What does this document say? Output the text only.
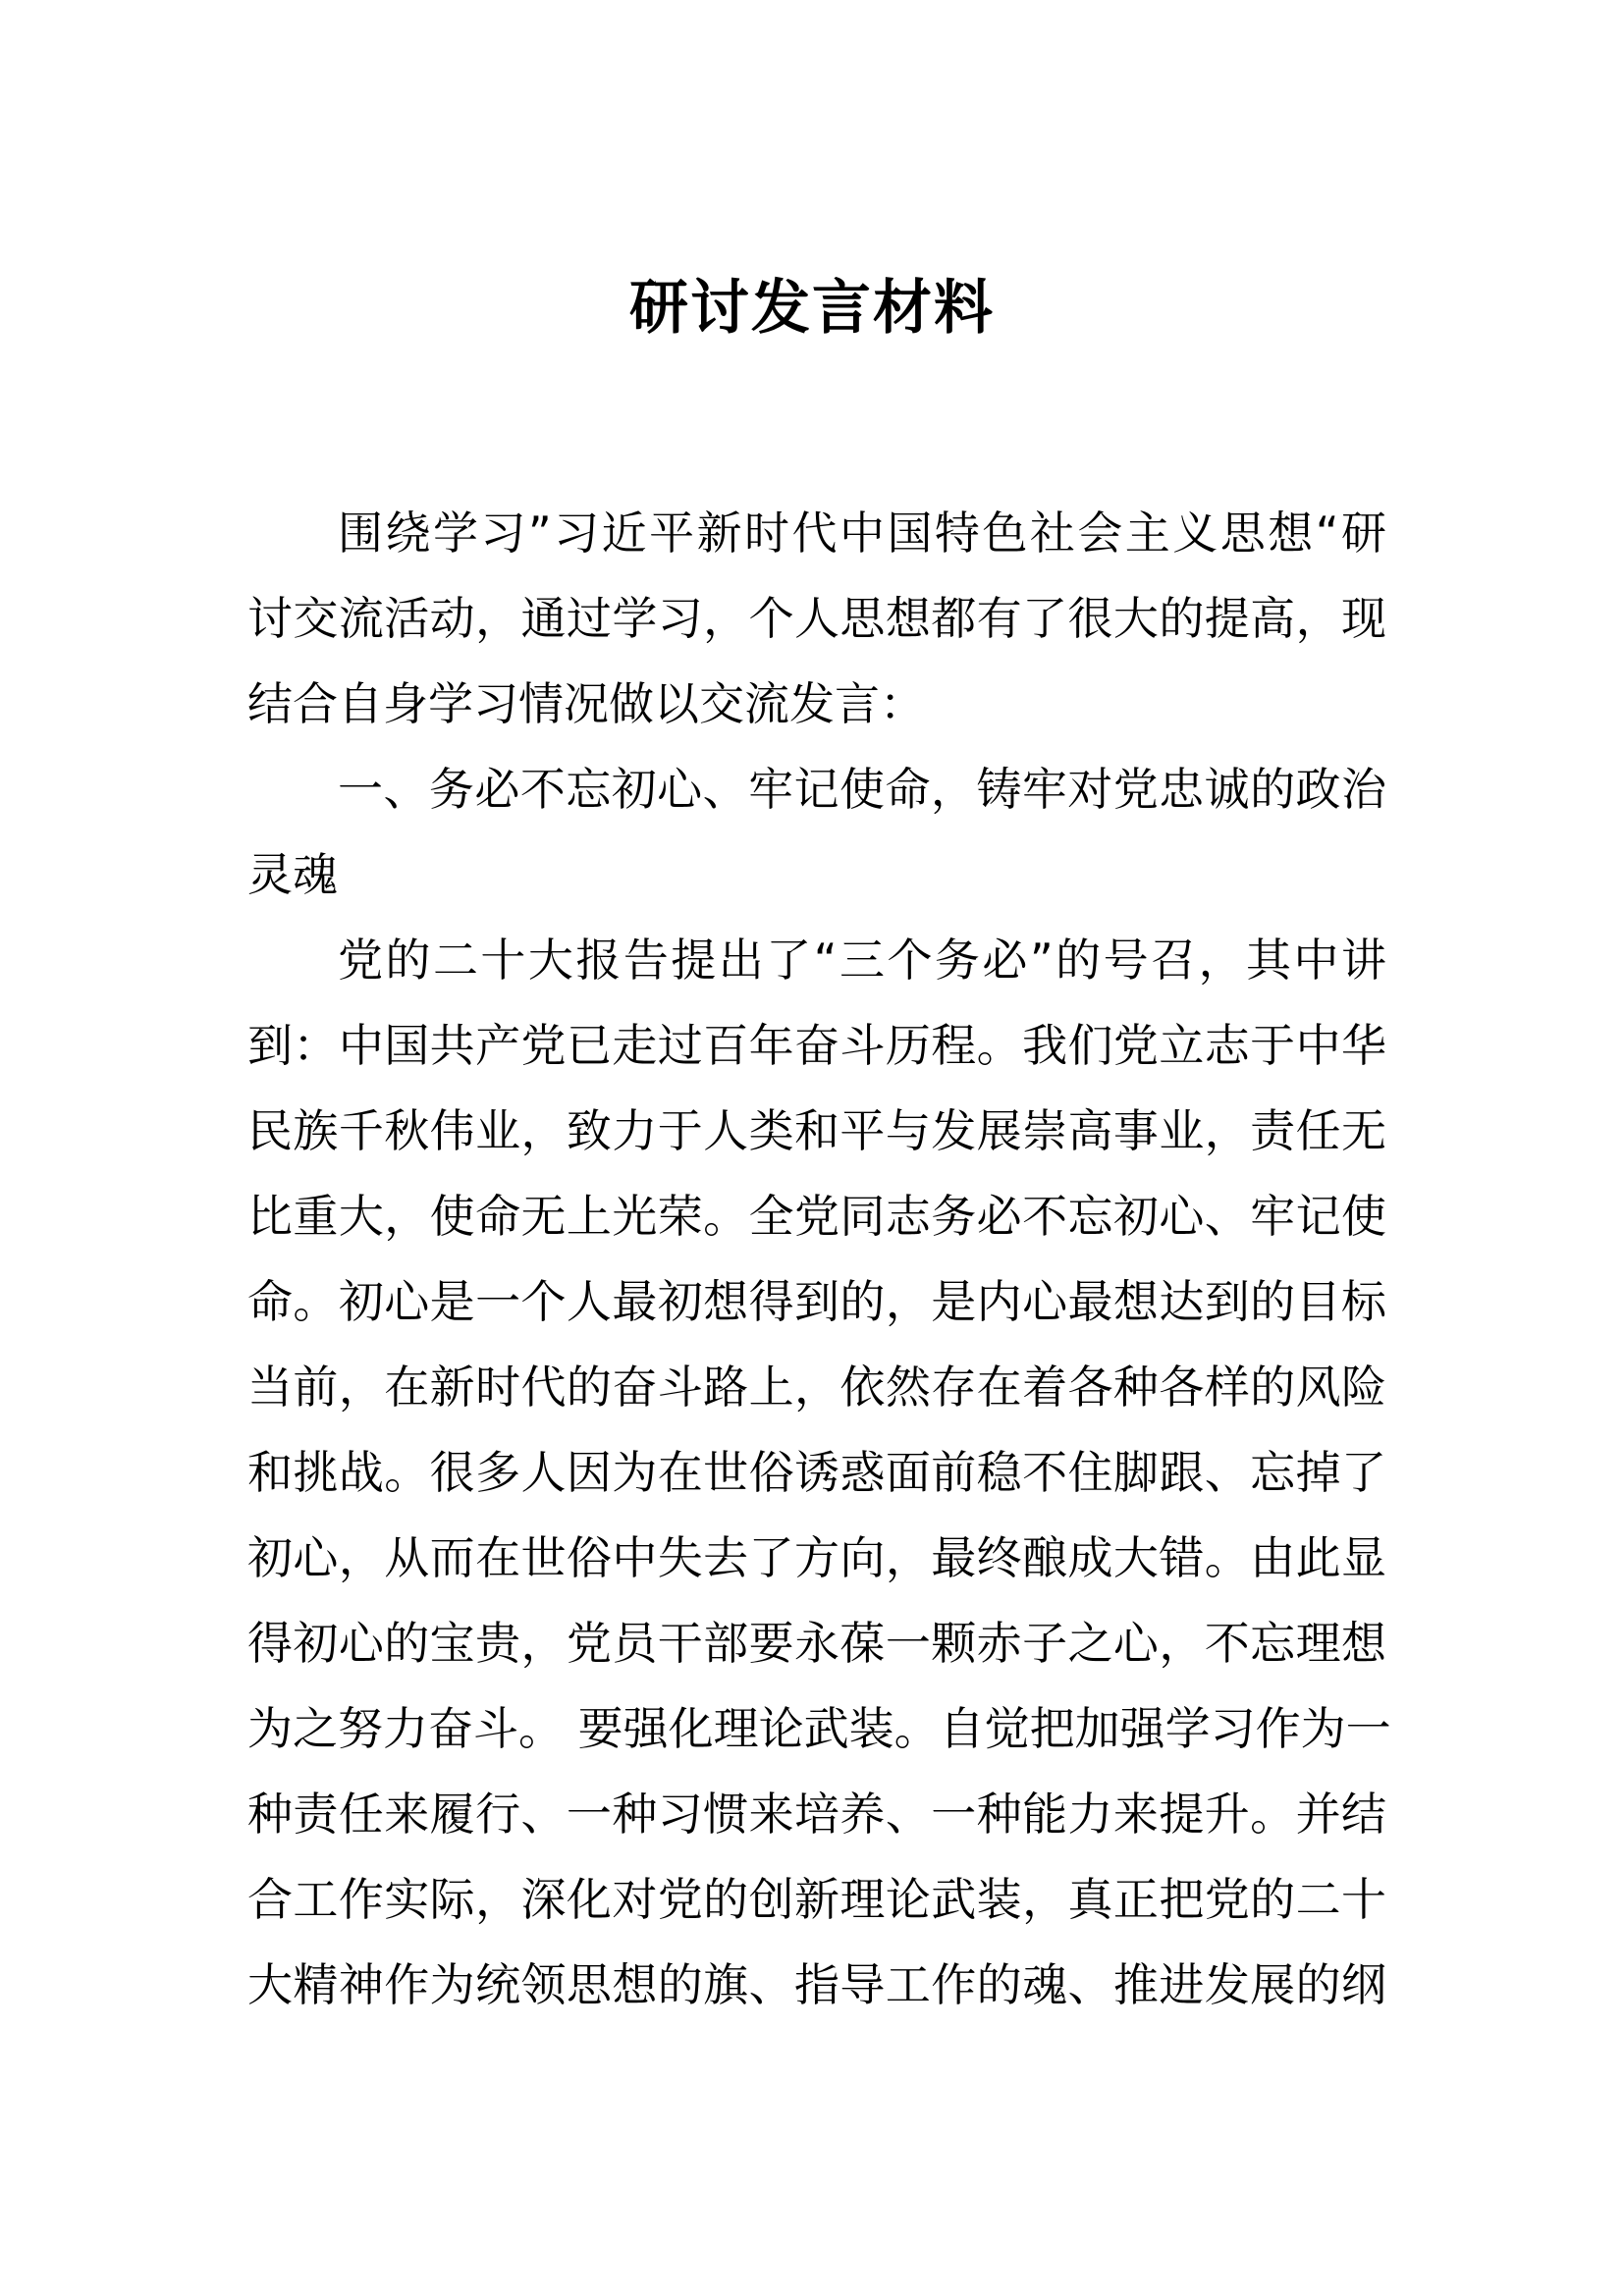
研讨发言材料
围绕学习”习近平新时代中国特色社会主义思想“研
讨交流活动，通过学习，个人思想都有了很大的提高，现
结合自身学习情况做以交流发言：
一、务必不忘初心、牢记使命，铸牢对党忠诚的政治
灵魂
党的二十大报告提出了“三个务必”的号召，其中讲
到：中国共产党已走过百年奋斗历程。我们党立志于中华
民族千秋伟业，致力于人类和平与发展崇高事业，责任无
比重大，使命无上光荣。全党同志务必不忘初心、牢记使
命。初心是一个人最初想得到的，是内心最想达到的目标
当前，在新时代的奋斗路上，依然存在着各种各样的风险
和挑战。很多人因为在世俗诱惑面前稳不住脚跟、忘掉了
初心，从而在世俗中失去了方向，最终酿成大错。由此显
得初心的宝贵，党员干部要永葆一颗赤子之心，不忘理想
为之努力奋斗。 要强化理论武装。自觉把加强学习作为一
种责任来履行、一种习惯来培养、一种能力来提升。并结
合工作实际，深化对党的创新理论武装，真正把党的二十
大精神作为统领思想的旗、指导工作的魂、推进发展的纲
